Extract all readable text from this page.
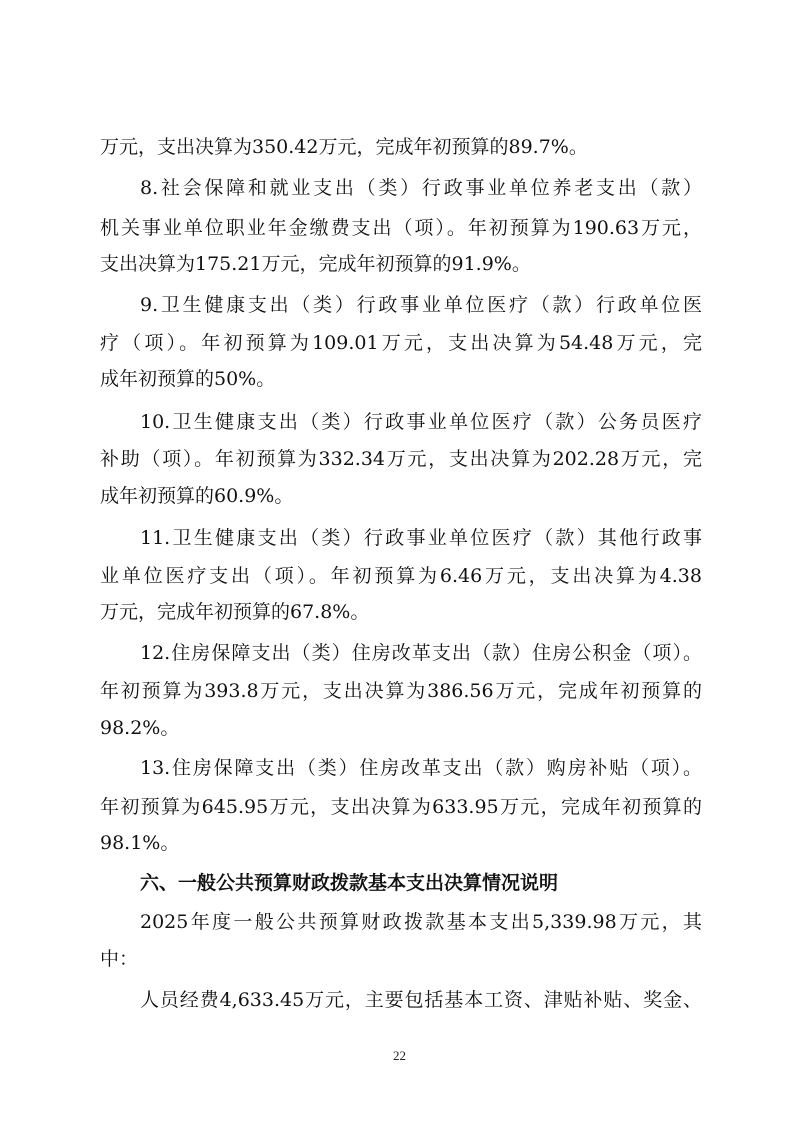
万元，支出决算为350.42万元，完成年初预算的89.7%。
8.社会保障和就业支出（类）行政事业单位养老支出（款）
机关事业单位职业年金缴费支出（项）。年初预算为190.63万元，
支出决算为175.21万元，完成年初预算的91.9%。
9.卫生健康支出（类）行政事业单位医疗（款）行政单位医
疗（项）。年初预算为109.01万元，支出决算为54.48万元，完
成年初预算的50%。
10.卫生健康支出（类）行政事业单位医疗（款）公务员医疗
补助（项）。年初预算为332.34万元，支出决算为202.28万元，完
成年初预算的60.9%。
11.卫生健康支出（类）行政事业单位医疗（款）其他行政事
业单位医疗支出（项）。年初预算为6.46万元，支出决算为4.38
万元，完成年初预算的67.8%。
12.住房保障支出（类）住房改革支出（款）住房公积金（项）。
年初预算为393.8万元，支出决算为386.56万元，完成年初预算的
98.2%。
13.住房保障支出（类）住房改革支出（款）购房补贴（项）。
年初预算为645.95万元，支出决算为633.95万元，完成年初预算的
98.1%。
六、一般公共预算财政拨款基本支出决算情况说明
2025年度一般公共预算财政拨款基本支出5,339.98万元，其
中：
人员经费4,633.45万元，主要包括基本工资、津贴补贴、奖金、
22
